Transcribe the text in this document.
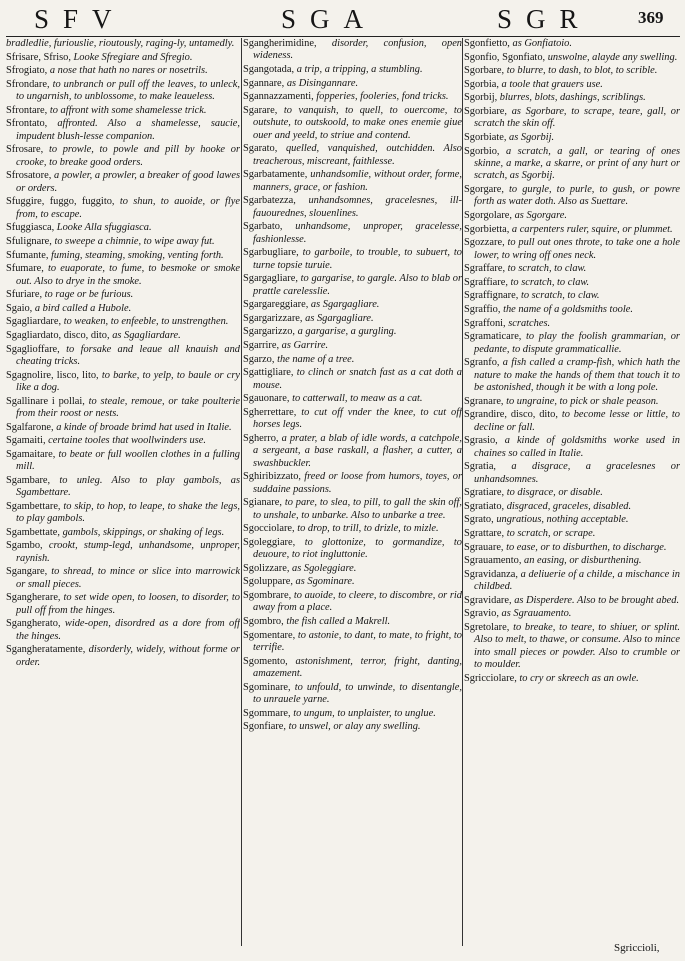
SFV	SGA	SGR	369
bradledlie, furiouslie, rioutously, raging-ly, untamedly.
Sfrisare, Sfriso, Looke Sfregiare and Sfregio.
Sfrogiato, a nose that hath no nares or nosetrils.
Sfrondare, to unbranch or pull off the leaves, to unleck, to ungarnish, to unblossome, to make leaueless.
Sfrontare, to affront with some shamelesse trick.
Sfrontato, affronted. Also a shamelesse, saucie, impudent blush-lesse companion.
Sfrosare, to prowle, to powle and pill by hooke or crooke, to breake good orders.
Sfrosatore, a powler, a prowler, a breaker of good lawes or orders.
Sfuggire, fuggo, fuggito, to shun, to auoide, or flye from, to escape.
Sfuggiasca, Looke Alla sfuggiasca.
Sfulignare, to sweepe a chimnie, to wipe away fut.
Sfumante, fuming, steaming, smoking, venting forth.
Sfumare, to euaporate, to fume, to besmoke or smoke out. Also to drye in the smoke.
Sfuriare, to rage or be furious.
Sgaio, a bird called a Hubole.
Sgagliardare, to weaken, to enfeeble, to unstrengthen.
Sgagliardato, disco, dito, as Sgagliardare.
Sgaglioffare, to forsake and leaue all knauish and cheating tricks.
Sgagnolire, lisco, lito, to barke, to yelp, to baule or cry like a dog.
Sgallinare i pollai, to steale, remoue, or take poulterie from their roost or nests.
Sgalfarone, a kinde of broade brimd hat used in Italie.
Sgamaiti, certaine tooles that woollwinders use.
Sgamaitare, to beate or full woollen clothes in a fulling mill.
Sgambare, to unleg. Also to play gambols, as Sgambettare.
Sgambettare, to skip, to hop, to leape, to shake the legs, to play gambols.
Sgambettate, gambols, skippings, or shaking of legs.
Sgambo, crookt, stump-legd, unhandsome, unproper, raynish.
Sgangare, to shread, to mince or slice into marrowick or small pieces.
Sgangherare, to set wide open, to loosen, to disorder, to pull off from the hinges.
Sgangherato, wide-open, disordred as a dore from off the hinges.
Sgangheratamente, disorderly, widely, without forme or order.
Sgangherimidine, disorder, confusion, open wideness.
Sgangotada, a trip, a tripping, a stumbling.
Sgannare, as Disingannare.
Sgannazzamenti, fopperies, fooleries, fond tricks.
Sgarare, to vanquish, to quell, to ouercome, to outshute, to outskoold, to make ones enemie giue ouer and yeeld, to striue and contend.
Sgarato, quelled, vanquished, outchidden. Also treacherous, miscreant, faithlesse.
Sgarbatamente, unhandsomlie, without order, forme, manners, grace, or fashion.
Sgarbatezza, unhandsomnes, gracelesnes, ill-fauourednes, slouenlines.
Sgarbato, unhandsome, unproper, gracelesse, fashionlesse.
Sgarbugliare, to garboile, to trouble, to subuert, to turne topsie turuie.
Sgargagliare, to gargarise, to gargle. Also to blab or prattle carelesslie.
Sgargareggiare, as Sgargagliare.
Sgargarizzare, as Sgargagliare.
Sgargarizzo, a gargarise, a gurgling.
Sgarrire, as Garrire.
Sgarzo, the name of a tree.
Sgattigliare, to clinch or snatch fast as a cat doth a mouse.
Sgauonare, to catterwall, to meaw as a cat.
Sgherrettare, to cut off vnder the knee, to cut off horses legs.
Sgherro, a prater, a blab of idle words, a catchpole, a sergeant, a base raskall, a flasher, a cutter, a swashbuckler.
Sghiribizzato, freed or loose from humors, toyes, or suddaine passions.
Sgianare, to pare, to slea, to pill, to gall the skin off, to unshale, to unbarke. Also to unbarke a tree.
Sgocciolare, to drop, to trill, to drizle, to mizle.
Sgoleggiare, to glottonize, to gormandize, to deuoure, to riot ingluttonie.
Sgolizzare, as Sgoleggiare.
Sgoluppare, as Sgominare.
Sgombrare, to auoide, to cleere, to discombre, or rid away from a place.
Sgombro, the fish called a Makrell.
Sgomentare, to astonie, to dant, to mate, to fright, to terrifie.
Sgomento, astonishment, terror, fright, danting, amazement.
Sgominare, to unfould, to unwinde, to disentangle, to unrauele yarne.
Sgommare, to ungum, to unplaister, to unglue.
Sgonfiare, to unswel, or alay any swelling.
Sgonfietto, as Gonfiatoio.
Sgonfio, Sgonfiato, unswolne, alayde any swelling.
Sgorbare, to blurre, to dash, to blot, to scrible.
Sgorbia, a toole that grauers use.
Sgorbij, blurres, blots, dashings, scriblings.
Sgorbiare, as Sgorbare, to scrape, teare, gall, or scratch the skin off.
Sgorbiate, as Sgorbij.
Sgorbio, a scratch, a gall, or tearing of ones skinne, a marke, a skarre, or print of any hurt or scratch, as Sgorbij.
Sgorgare, to gurgle, to purle, to gush, or powre forth as water doth. Also as Suettare.
Sgorgolare, as Sgorgare.
Sgorbietta, a carpenters ruler, squire, or plummet.
Sgozzare, to pull out ones throte, to take one a hole lower, to wring off ones neck.
Sgraffare, to scratch, to claw.
Sgraffiare, to scratch, to claw.
Sgraffignare, to scratch, to claw.
Sgraffio, the name of a goldsmiths toole.
Sgraffoni, scratches.
Sgramaticare, to play the foolish grammarian, or pedante, to dispute grammaticallie.
Sgranfo, a fish called a cramp-fish, which hath the nature to make the hands of them that touch it to be astonished, though it be with a long pole.
Sgranare, to ungraine, to pick or shale peason.
Sgrandire, disco, dito, to become lesse or little, to decline or fall.
Sgrasio, a kinde of goldsmiths worke used in chaines so called in Italie.
Sgratia, a disgrace, a gracelesnes or unhandsomnes.
Sgratiare, to disgrace, or disable.
Sgratiato, disgraced, graceles, disabled.
Sgrato, ungratious, nothing acceptable.
Sgrattare, to scratch, or scrape.
Sgrauare, to ease, or to disburthen, to discharge.
Sgrauamento, an easing, or disburthening.
Sgravidanza, a deliuerie of a childe, a mischance in childbed.
Sgravidare, as Disperdere. Also to be brought abed.
Sgravio, as Sgrauamento.
Sgretolare, to breake, to teare, to shiuer, or splint. Also to melt, to thawe, or consume. Also to mince into small pieces or powder. Also to crumble or to moulder.
Sgricciolare, to cry or skreech as an owle.
Sgriccioli,
